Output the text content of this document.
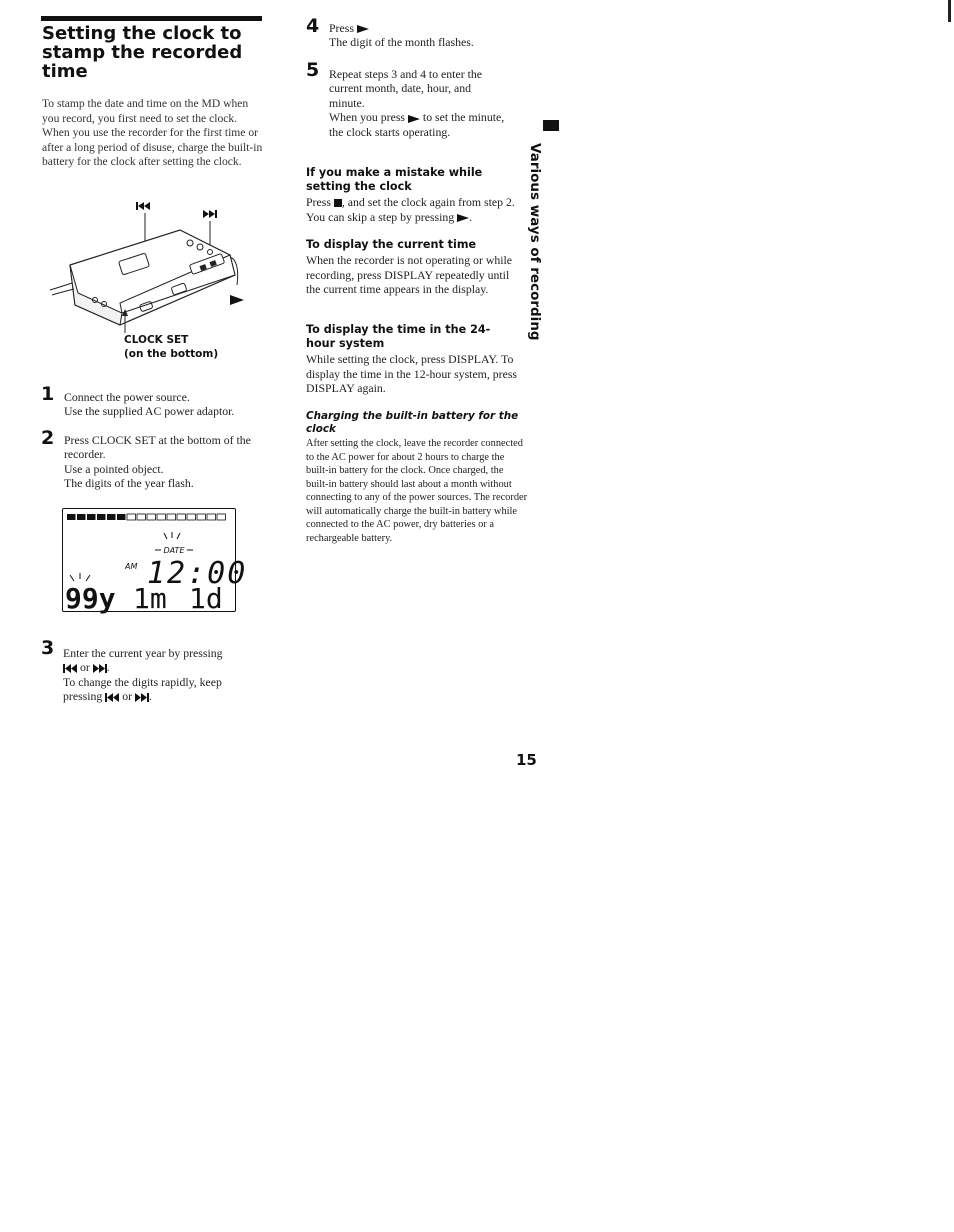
Setting the clock to stamp the recorded time
To stamp the date and time on the MD when you record, you first need to set the clock. When you use the recorder for the first time or after a long period of disuse, charge the built-in battery for the clock after setting the clock.
CLOCK SET
(on the bottom)
1 Connect the power source.
Use the supplied AC power adaptor.
2 Press CLOCK SET at the bottom of the recorder.
Use a pointed object.
The digits of the year flash.
DATE
AM 12:00
99y 1m 1d
3 Enter the current year by pressing
or .
To change the digits rapidly, keep pressing or .
4 Press
The digit of the month flashes.
5 Repeat steps 3 and 4 to enter the current month, date, hour, and minute.
When you press to set the minute, the clock starts operating.
If you make a mistake while setting the clock
Press , and set the clock again from step 2. You can skip a step by pressing .
To display the current time
When the recorder is not operating or while recording, press DISPLAY repeatedly until the current time appears in the display.
To display the time in the 24-hour system
While setting the clock, press DISPLAY. To display the time in the 12-hour system, press DISPLAY again.
Charging the built-in battery for the clock
After setting the clock, leave the recorder connected to the AC power for about 2 hours to charge the built-in battery for the clock. Once charged, the built-in battery should last about a month without connecting to any of the power sources. The recorder will automatically charge the built-in battery while connected to the AC power, dry batteries or a rechargeable battery.
Various ways of recording
15
